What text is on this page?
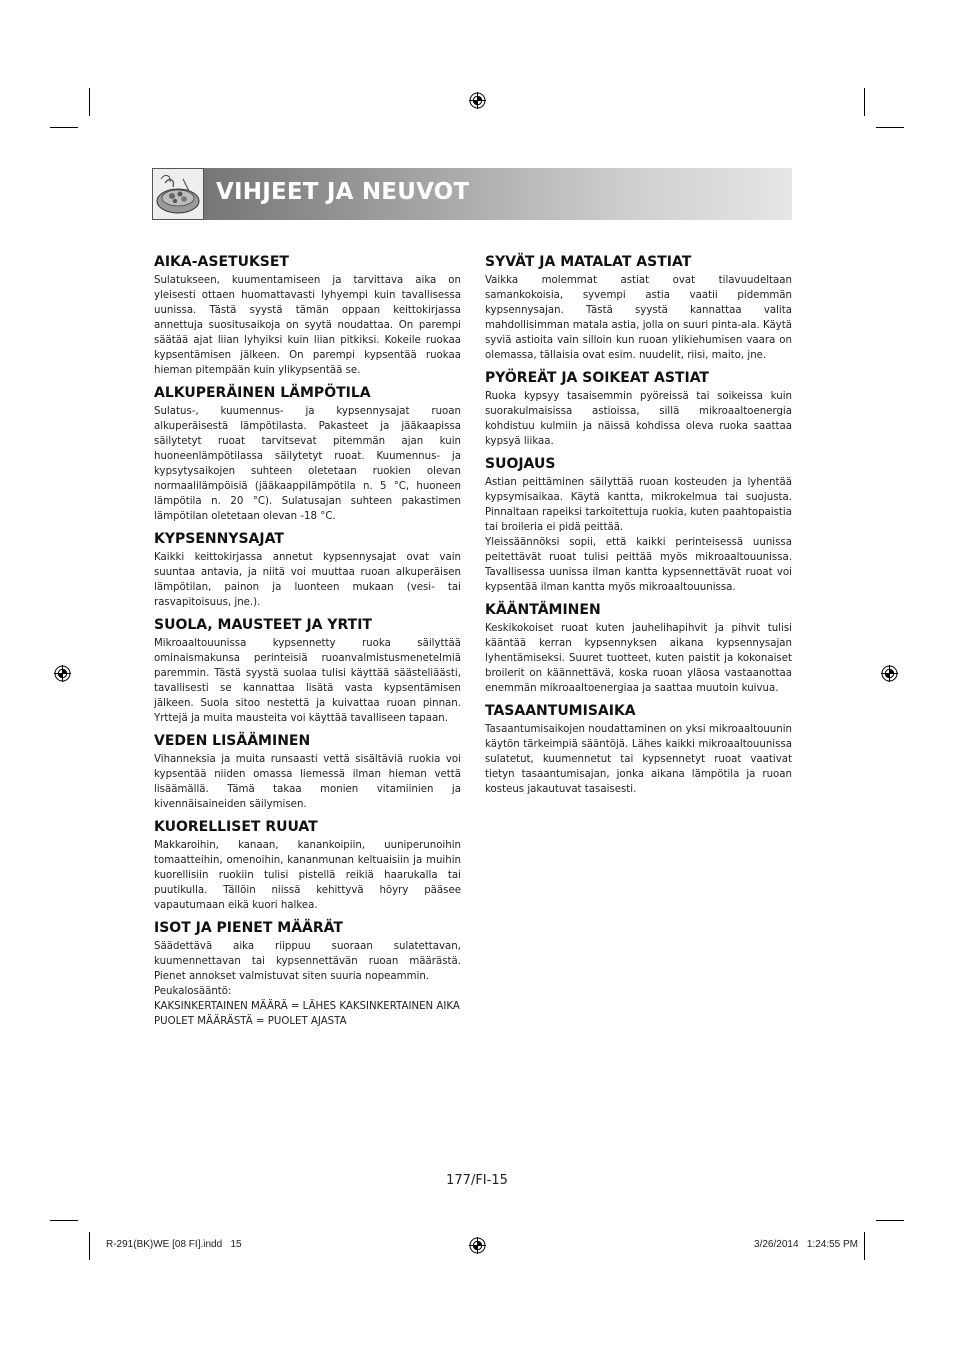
VIHJEET JA NEUVOT
AIKA-ASETUKSET

Sulatukseen, kuumentamiseen ja tarvittava aika on yleisesti ottaen huomattavasti lyhyempi kuin tavallisessa uunissa. Tästä syystä tämän oppaan keittokirjassa annettuja suositusaikoja on syytä noudattaa. On parempi säätää ajat liian lyhyiksi kuin liian pitkiksi. Kokeile ruokaa kypsentämisen jälkeen. On parempi kypsentää ruokaa hieman pitempään kuin ylikypsentää se.

ALKUPERÄINEN LÄMPÖTILA

Sulatus-, kuumennus- ja kypsennysajat ruoan alkuperäisestä lämpötilasta. Pakasteet ja jääkaapissa säilytetyt ruoat tarvitsevat pitemmän ajan kuin huoneenlämpötilassa säilytetyt ruoat. Kuumennus- ja kypsytysaikojen suhteen oletetaan ruokien olevan normaalilämpöisiä (jääkaappilämpötila n. 5 °C, huoneen lämpötila n. 20 °C). Sulatusajan suhteen pakastimen lämpötilan oletetaan olevan -18 °C.

KYPSENNYSAJAT

Kaikki keittokirjassa annetut kypsennysajat ovat vain suuntaa antavia, ja niitä voi muuttaa ruoan alkuperäisen lämpötilan, painon ja luonteen mukaan (vesi- tai rasvapitoisuus, jne.).

SUOLA, MAUSTEET JA YRTIT

Mikroaaltouunissa kypsennetty ruoka säilyttää ominaismakunsa perinteisiä ruoanvalmistusmenetelmiä paremmin. Tästä syystä suolaa tulisi käyttää säästeliäästi, tavallisesti se kannattaa lisätä vasta kypsentämisen jälkeen. Suola sitoo nestettä ja kuivattaa ruoan pinnan. Yrttejä ja muita mausteita voi käyttää tavalliseen tapaan.

VEDEN LISÄÄMINEN

Vihanneksia ja muita runsaasti vettä sisältäviä ruokia voi kypsentää niiden omassa liemessä ilman hieman vettä lisäämällä. Tämä takaa monien vitamiinien ja kivennäisaineiden säilymisen.

KUORELLISET RUUAT

Makkaroihin, kanaan, kanankoipiin, uuniperunoihin tomaatteihin, omenoihin, kananmunan keltuaisiin ja muihin kuorellisiin ruokiin tulisi pistellä reikiä haarukalla tai puutikulla. Tällöin niissä kehittyvä höyry pääsee vapautumaan eikä kuori halkea.

ISOT JA PIENET MÄÄRÄT

Säädettävä aika riippuu suoraan sulatettavan, kuumennettavan tai kypsennettävän ruoan määrästä. Pienet annokset valmistuvat siten suuria nopeammin.

Peukalosääntö:

KAKSINKERTAINEN MÄÄRÄ = LÄHES KAKSINKERTAINEN AIKA

PUOLET MÄÄRÄSTÄ = PUOLET AJASTA

SYVÄT JA MATALAT ASTIAT

Vaikka molemmat astiat ovat tilavuudeltaan samankokoisia, syvempi astia vaatii pidemmän kypsennysajan. Tästä syystä kannattaa valita mahdollisimman matala astia, jolla on suuri pinta-ala. Käytä syviä astioita vain silloin kun ruoan ylikiehumisen vaara on olemassa, tällaisia ovat esim. nuudelit, riisi, maito, jne.

PYÖREÄT JA SOIKEAT ASTIAT

Ruoka kypsyy tasaisemmin pyöreissä tai soikeissa kuin suorakulmaisissa astioissa, sillä mikroaaltoenergia kohdistuu kulmiin ja näissä kohdissa oleva ruoka saattaa kypsyä liikaa.

SUOJAUS

Astian peittäminen säilyttää ruoan kosteuden ja lyhentää kypsymisaikaa. Käytä kantta, mikrokelmua tai suojusta. Pinnaltaan rapeiksi tarkoitettuja ruokia, kuten paahtopaistia tai broileria ei pidä peittää.

Yleissäännöksi sopii, että kaikki perinteisessä uunissa peitettävät ruoat tulisi peittää myös mikroaaltouunissa. Tavallisessa uunissa ilman kantta kypsennettävät ruoat voi kypsentää ilman kantta myös mikroaaltouunissa.

KÄÄNTÄMINEN

Keskikokoiset ruoat kuten jauhelihapihvit ja pihvit tulisi kääntää kerran kypsennyksen aikana kypsennysajan lyhentämiseksi. Suuret tuotteet, kuten paistit ja kokonaiset broilerit on käännettävä, koska ruoan yläosa vastaanottaa enemmän mikroaaltoenergiaa ja saattaa muutoin kuivua.

TASAANTUMISAIKA

Tasaantumisaikojen noudattaminen on yksi mikroaaltouunin käytön tärkeimpiä sääntöjä. Lähes kaikki mikroaaltouunissa sulatetut, kuumennetut tai kypsennetyt ruoat vaativat tietyn tasaantumisajan, jonka aikana lämpötila ja ruoan kosteus jakautuvat tasaisesti.

177/FI-15
R-291(BK)WE [08 FI].indd   15	3/26/2014   1:24:55 PM
